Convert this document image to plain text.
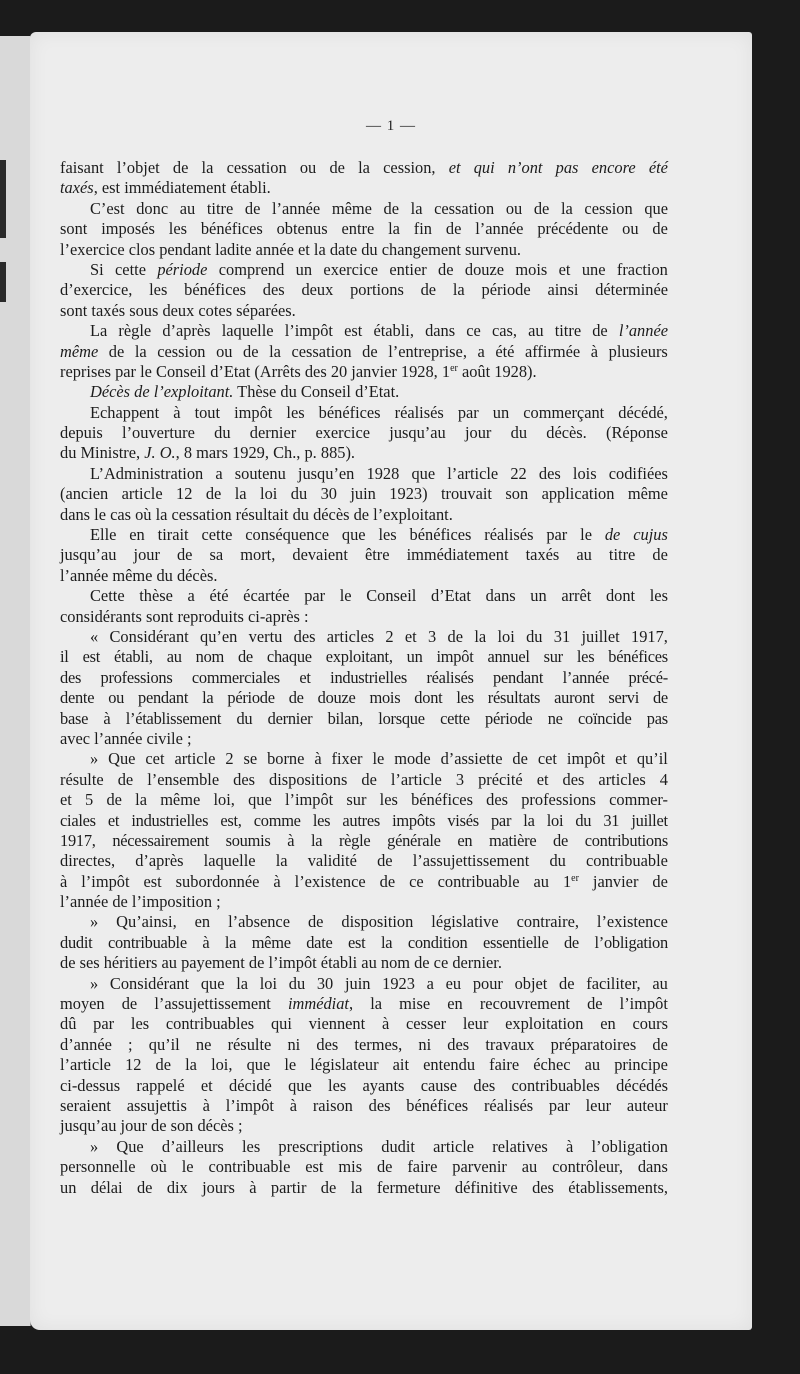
— 1 —
faisant l’objet de la cessation ou de la cession, et qui n’ont pas encore été
taxés, est immédiatement établi.
C’est donc au titre de l’année même de la cessation ou de la cession que
sont imposés les bénéfices obtenus entre la fin de l’année précédente ou de
l’exercice clos pendant ladite année et la date du changement survenu.
Si cette période comprend un exercice entier de douze mois et une fraction
d’exercice, les bénéfices des deux portions de la période ainsi déterminée
sont taxés sous deux cotes séparées.
La règle d’après laquelle l’impôt est établi, dans ce cas, au titre de l’année
même de la cession ou de la cessation de l’entreprise, a été affirmée à plusieurs
reprises par le Conseil d’Etat (Arrêts des 20 janvier 1928, 1er août 1928).
Décès de l’exploitant. Thèse du Conseil d’Etat.
Echappent à tout impôt les bénéfices réalisés par un commerçant décédé,
depuis l’ouverture du dernier exercice jusqu’au jour du décès. (Réponse
du Ministre, J. O., 8 mars 1929, Ch., p. 885).
L’Administration a soutenu jusqu’en 1928 que l’article 22 des lois codifiées
(ancien article 12 de la loi du 30 juin 1923) trouvait son application même
dans le cas où la cessation résultait du décès de l’exploitant.
Elle en tirait cette conséquence que les bénéfices réalisés par le de cujus
jusqu’au jour de sa mort, devaient être immédiatement taxés au titre de
l’année même du décès.
Cette thèse a été écartée par le Conseil d’Etat dans un arrêt dont les
considérants sont reproduits ci-après :
« Considérant qu’en vertu des articles 2 et 3 de la loi du 31 juillet 1917,
il est établi, au nom de chaque exploitant, un impôt annuel sur les bénéfices
des professions commerciales et industrielles réalisés pendant l’année précé-
dente ou pendant la période de douze mois dont les résultats auront servi de
base à l’établissement du dernier bilan, lorsque cette période ne coïncide pas
avec l’année civile ;
» Que cet article 2 se borne à fixer le mode d’assiette de cet impôt et qu’il
résulte de l’ensemble des dispositions de l’article 3 précité et des articles 4
et 5 de la même loi, que l’impôt sur les bénéfices des professions commer-
ciales et industrielles est, comme les autres impôts visés par la loi du 31 juillet
1917, nécessairement soumis à la règle générale en matière de contributions
directes, d’après laquelle la validité de l’assujettissement du contribuable
à l’impôt est subordonnée à l’existence de ce contribuable au 1er janvier de
l’année de l’imposition ;
» Qu’ainsi, en l’absence de disposition législative contraire, l’existence
dudit contribuable à la même date est la condition essentielle de l’obligation
de ses héritiers au payement de l’impôt établi au nom de ce dernier.
» Considérant que la loi du 30 juin 1923 a eu pour objet de faciliter, au
moyen de l’assujettissement immédiat, la mise en recouvrement de l’impôt
dû par les contribuables qui viennent à cesser leur exploitation en cours
d’année ; qu’il ne résulte ni des termes, ni des travaux préparatoires de
l’article 12 de la loi, que le législateur ait entendu faire échec au principe
ci-dessus rappelé et décidé que les ayants cause des contribuables décédés
seraient assujettis à l’impôt à raison des bénéfices réalisés par leur auteur
jusqu’au jour de son décès ;
» Que d’ailleurs les prescriptions dudit article relatives à l’obligation
personnelle où le contribuable est mis de faire parvenir au contrôleur, dans
un délai de dix jours à partir de la fermeture définitive des établissements,
